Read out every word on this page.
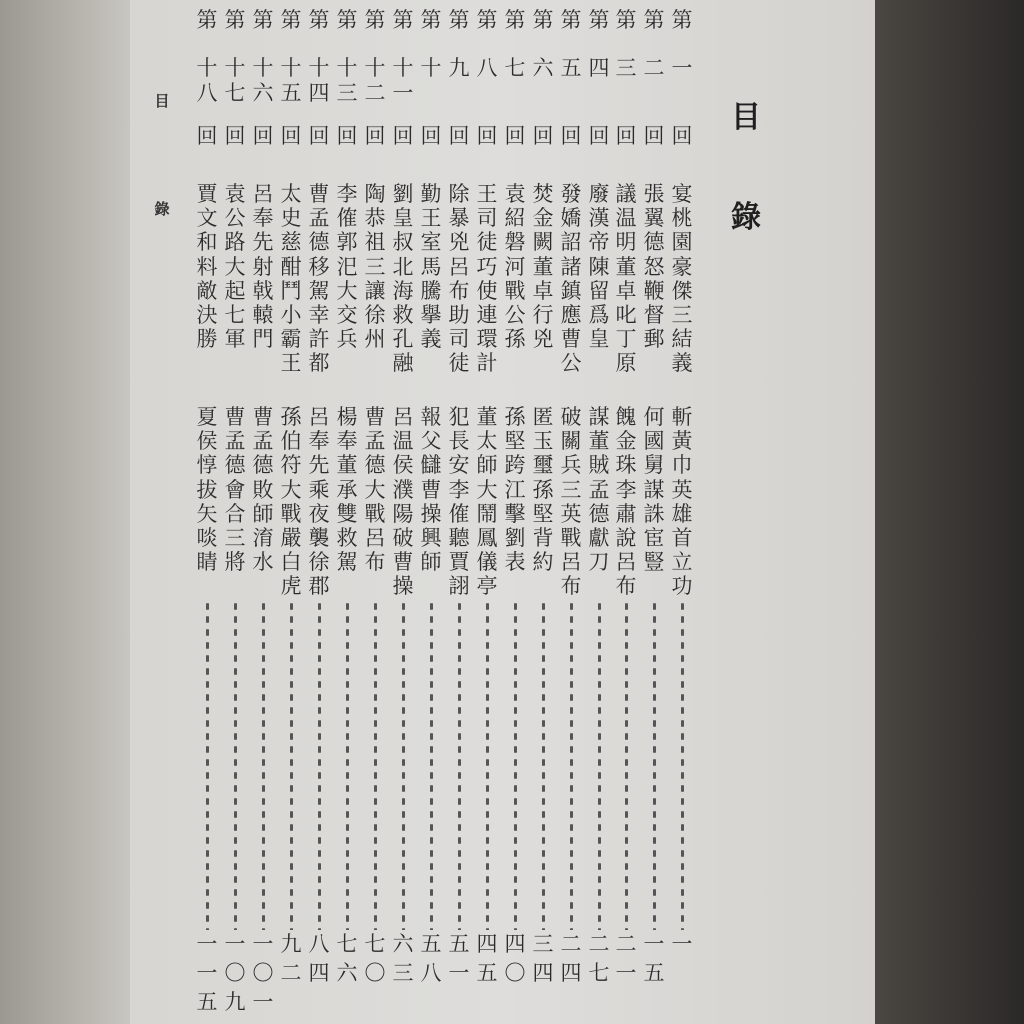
目
錄
目
錄
第
一
回
宴
桃
園
豪
傑
三
結
義
斬
黃
巾
英
雄
首
立
功
一
第
二
回
張
翼
德
怒
鞭
督
郵
何
國
舅
謀
誅
宦
豎
一
五
第
三
回
議
温
明
董
卓
叱
丁
原
餽
金
珠
李
肅
說
呂
布
二
一
第
四
回
廢
漢
帝
陳
留
爲
皇
謀
董
賊
孟
德
獻
刀
二
七
第
五
回
發
嬌
詔
諸
鎮
應
曹
公
破
關
兵
三
英
戰
呂
布
二
四
第
六
回
焚
金
闕
董
卓
行
兇
匿
玉
璽
孫
堅
背
約
三
四
第
七
回
袁
紹
磐
河
戰
公
孫
孫
堅
跨
江
擊
劉
表
四
〇
第
八
回
王
司
徒
巧
使
連
環
計
董
太
師
大
鬧
鳳
儀
亭
四
五
第
九
回
除
暴
兇
呂
布
助
司
徒
犯
長
安
李
傕
聽
賈
詡
五
一
第
十
回
勤
王
室
馬
騰
擧
義
報
父
讎
曹
操
興
師
五
八
第
十
一
回
劉
皇
叔
北
海
救
孔
融
呂
温
侯
濮
陽
破
曹
操
六
三
第
十
二
回
陶
恭
祖
三
讓
徐
州
曹
孟
德
大
戰
呂
布
七
〇
第
十
三
回
李
傕
郭
汜
大
交
兵
楊
奉
董
承
雙
救
駕
七
六
第
十
四
回
曹
孟
德
移
駕
幸
許
都
呂
奉
先
乘
夜
襲
徐
郡
八
四
第
十
五
回
太
史
慈
酣
鬥
小
霸
王
孫
伯
符
大
戰
嚴
白
虎
九
二
第
十
六
回
呂
奉
先
射
戟
轅
門
曹
孟
德
敗
師
淯
水
一
〇
一
第
十
七
回
袁
公
路
大
起
七
軍
曹
孟
德
會
合
三
將
一
〇
九
第
十
八
回
賈
文
和
料
敵
決
勝
夏
侯
惇
拔
矢
啖
睛
一
一
五
